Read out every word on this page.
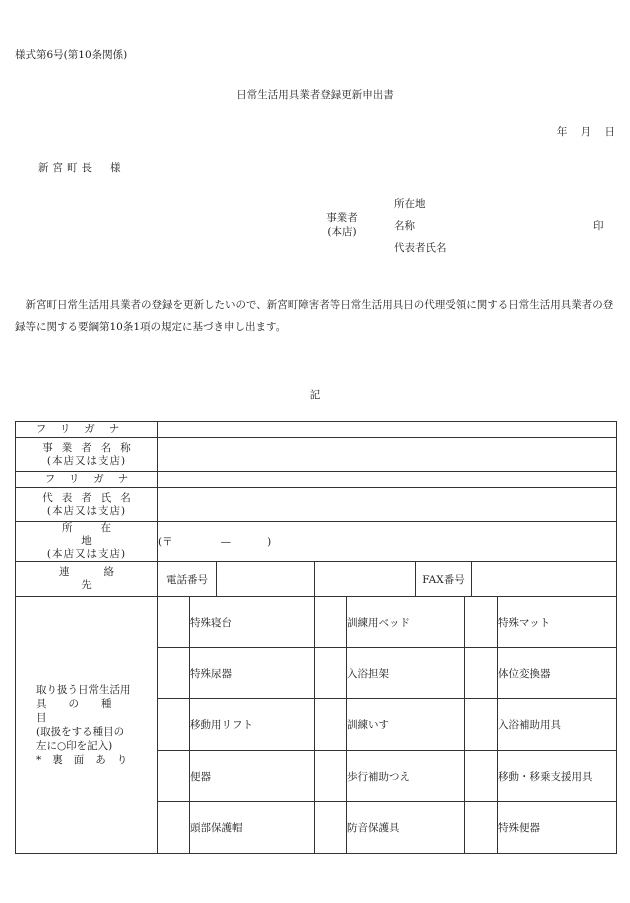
様式第6号(第10条関係)
日常生活用具業者登録更新申出書
年 月 日
新宮町長 様
事業者
(本店)
所在地
名称	印
代表者氏名
新宮町日常生活用具業者の登録を更新したいので、新宮町障害者等日常生活用具日の代理受領に関する日常生活用具業者の登録等に関する要綱第10条1項の規定に基づき申し出ます。
記
フリガナ						

事業者名称
(本店又は支店)						

フリガナ						

代表者氏名
(本店又は支店)						

所在地
(本店又は支店)	(〒 — )					

連絡先	電話番号		FAX番号			

取り扱う日常生活用
具の種目
(取扱をする種目の
左に○印を記入)
*裏面あり		特殊寝台		訓練用ベッド		特殊マット
		特殊尿器		入浴担架		体位変換器
		移動用リフト		訓練いす		入浴補助用具
		便器		歩行補助つえ		移動・移乗支援用具
		頭部保護帽		防音保護具		特殊便器
